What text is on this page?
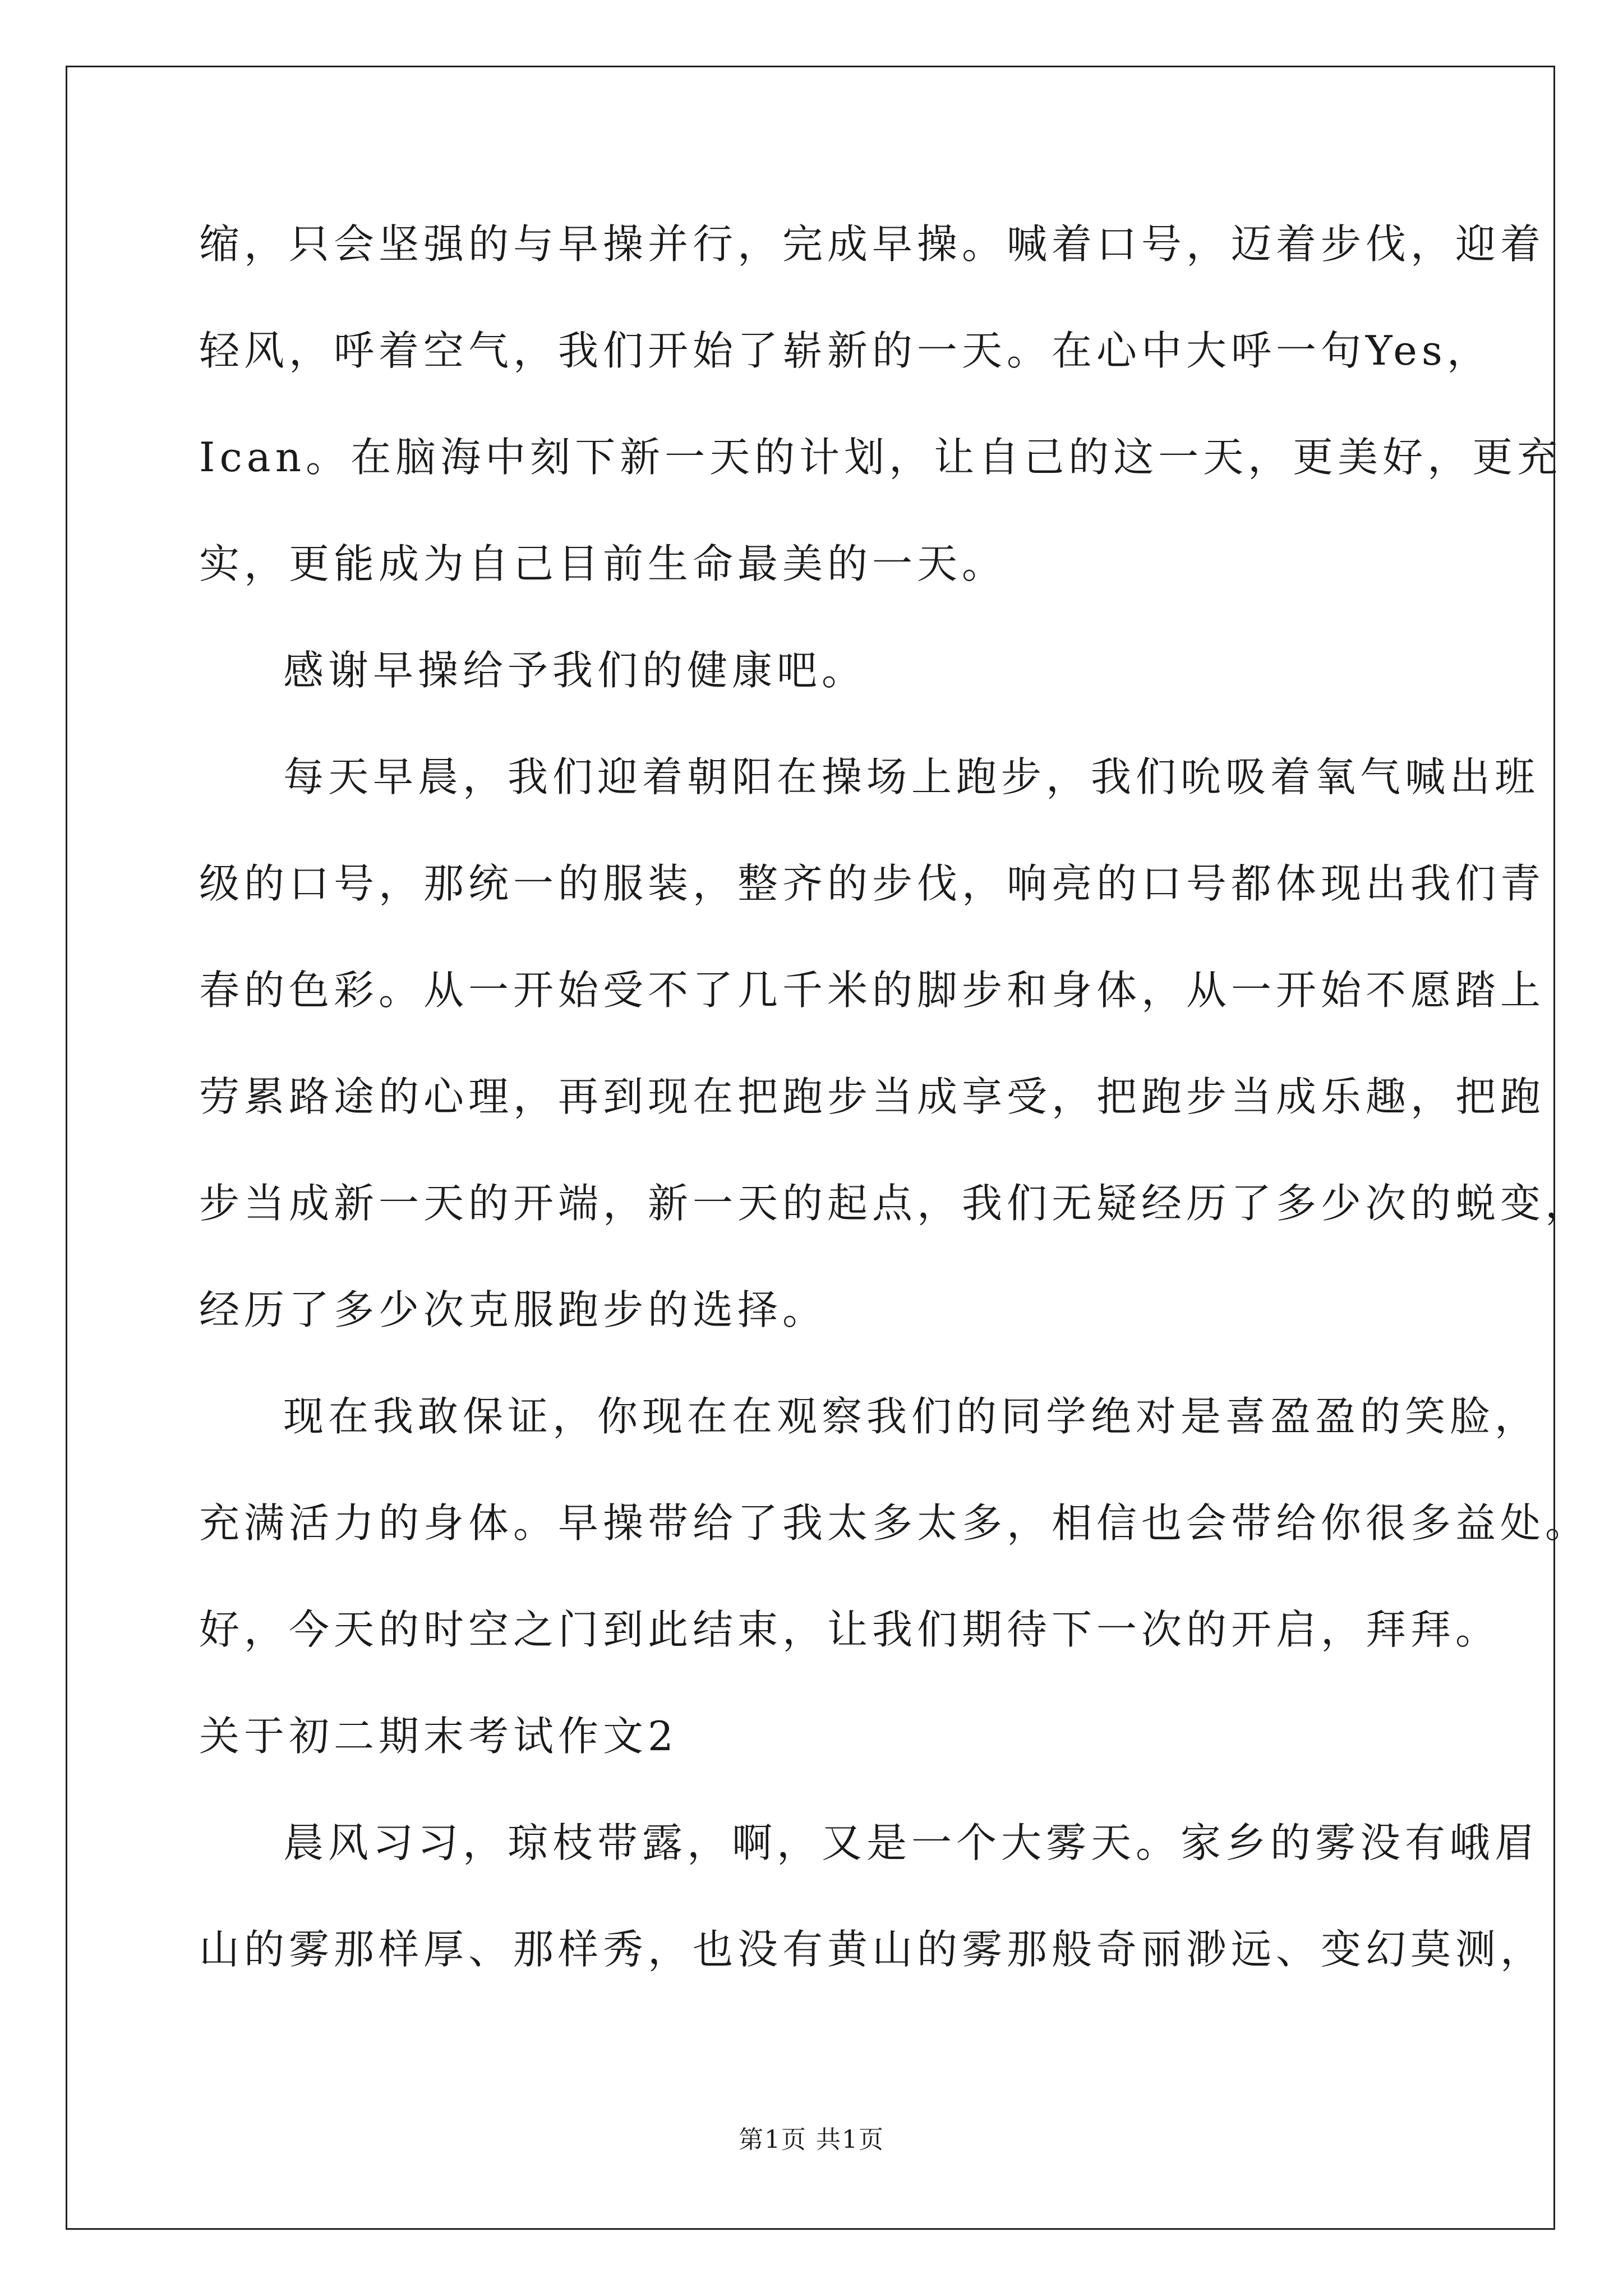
缩，只会坚强的与早操并行，完成早操。喊着口号，迈着步伐，迎着
轻风，呼着空气，我们开始了崭新的一天。在心中大呼一句Yes，
Ican。在脑海中刻下新一天的计划，让自己的这一天，更美好，更充
实，更能成为自己目前生命最美的一天。
感谢早操给予我们的健康吧。
每天早晨，我们迎着朝阳在操场上跑步，我们吮吸着氧气喊出班
级的口号，那统一的服装，整齐的步伐，响亮的口号都体现出我们青
春的色彩。从一开始受不了几千米的脚步和身体，从一开始不愿踏上
劳累路途的心理，再到现在把跑步当成享受，把跑步当成乐趣，把跑
步当成新一天的开端，新一天的起点，我们无疑经历了多少次的蜕变，
经历了多少次克服跑步的选择。
现在我敢保证，你现在在观察我们的同学绝对是喜盈盈的笑脸，
充满活力的身体。早操带给了我太多太多，相信也会带给你很多益处。
好，今天的时空之门到此结束，让我们期待下一次的开启，拜拜。
关于初二期末考试作文2
晨风习习，琼枝带露，啊，又是一个大雾天。家乡的雾没有峨眉
山的雾那样厚、那样秀，也没有黄山的雾那般奇丽渺远、变幻莫测，
第1页 共1页
